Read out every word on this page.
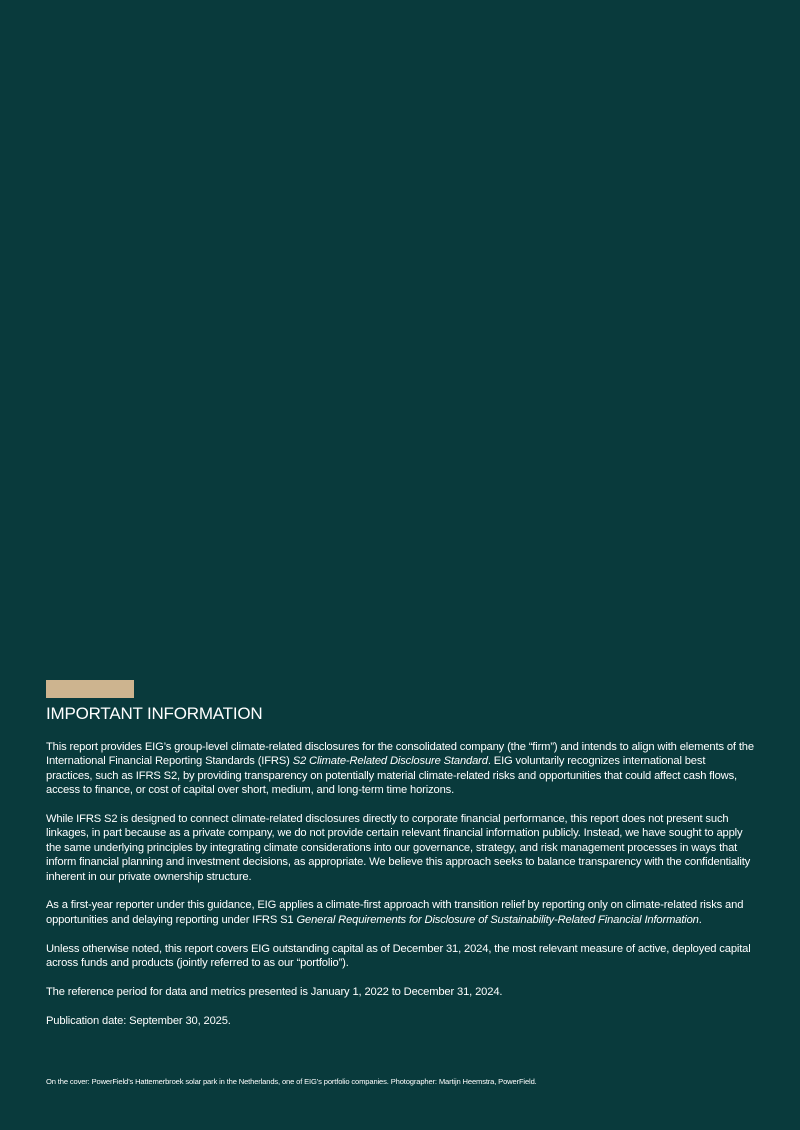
IMPORTANT INFORMATION

This report provides EIG’s group-level climate-related disclosures for the consolidated company (the “firm”) and intends to align with elements of the International Financial Reporting Standards (IFRS) S2 Climate-Related Disclosure Standard. EIG voluntarily recognizes international best practices, such as IFRS S2, by providing transparency on potentially material climate-related risks and opportunities that could affect cash flows, access to finance, or cost of capital over short, medium, and long-term time horizons.

While IFRS S2 is designed to connect climate-related disclosures directly to corporate financial performance, this report does not present such linkages, in part because as a private company, we do not provide certain relevant financial information publicly. Instead, we have sought to apply the same underlying principles by integrating climate considerations into our governance, strategy, and risk management processes in ways that inform financial planning and investment decisions, as appropriate. We believe this approach seeks to balance transparency with the confidentiality inherent in our private ownership structure.

As a first-year reporter under this guidance, EIG applies a climate-first approach with transition relief by reporting only on climate-related risks and opportunities and delaying reporting under IFRS S1 General Requirements for Disclosure of Sustainability-Related Financial Information.

Unless otherwise noted, this report covers EIG outstanding capital as of December 31, 2024, the most relevant measure of active, deployed capital across funds and products (jointly referred to as our “portfolio”).

The reference period for data and metrics presented is January 1, 2022 to December 31, 2024.

Publication date: September 30, 2025.

On the cover: PowerField’s Hattemerbroek solar park in the Netherlands, one of EIG’s portfolio companies. Photographer: Martijn Heemstra, PowerField.
